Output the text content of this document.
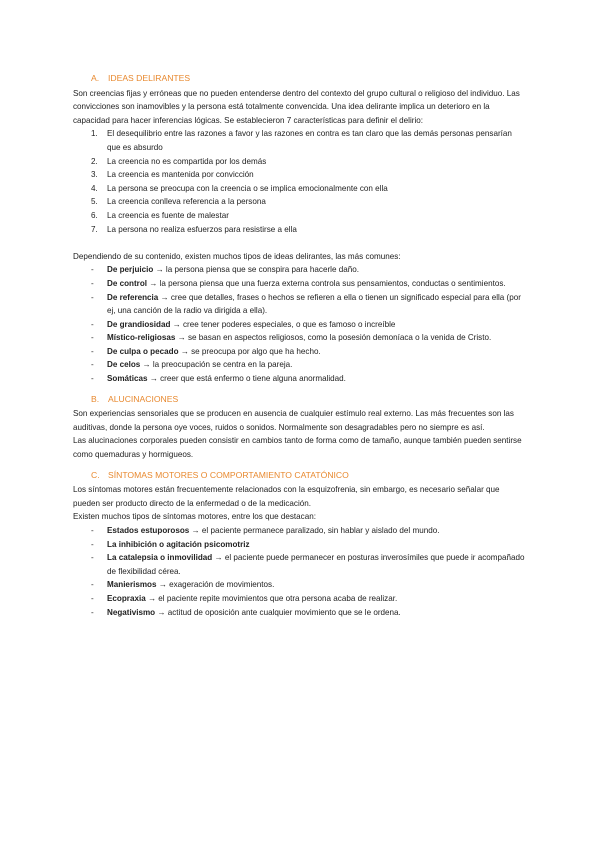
A. IDEAS DELIRANTES

Son creencias fijas y erróneas que no pueden entenderse dentro del contexto del grupo cultural o religioso del individuo. Las convicciones son inamovibles y la persona está totalmente convencida. Una idea delirante implica un deterioro en la capacidad para hacer inferencias lógicas. Se establecieron 7 características para definir el delirio:

1. El desequilibrio entre las razones a favor y las razones en contra es tan claro que las demás personas pensarían que es absurdo
2. La creencia no es compartida por los demás
3. La creencia es mantenida por convicción
4. La persona se preocupa con la creencia o se implica emocionalmente con ella
5. La creencia conlleva referencia a la persona
6. La creencia es fuente de malestar
7. La persona no realiza esfuerzos para resistirse a ella

Dependiendo de su contenido, existen muchos tipos de ideas delirantes, las más comunes:

- De perjuicio → la persona piensa que se conspira para hacerle daño.
- De control → la persona piensa que una fuerza externa controla sus pensamientos, conductas o sentimientos.
- De referencia → cree que detalles, frases o hechos se refieren a ella o tienen un significado especial para ella (por ej, una canción de la radio va dirigida a ella).
- De grandiosidad → cree tener poderes especiales, o que es famoso o increíble
- Místico-religiosas → se basan en aspectos religiosos, como la posesión demoníaca o la venida de Cristo.
- De culpa o pecado → se preocupa por algo que ha hecho.
- De celos → la preocupación se centra en la pareja.
- Somáticas → creer que está enfermo o tiene alguna anormalidad.
B. ALUCINACIONES

Son experiencias sensoriales que se producen en ausencia de cualquier estímulo real externo. Las más frecuentes son las auditivas, donde la persona oye voces, ruidos o sonidos. Normalmente son desagradables pero no siempre es así.

Las alucinaciones corporales pueden consistir en cambios tanto de forma como de tamaño, aunque también pueden sentirse como quemaduras y hormigueos.

C. SÍNTOMAS MOTORES O COMPORTAMIENTO CATATÓNICO

Los síntomas motores están frecuentemente relacionados con la esquizofrenia, sin embargo, es necesario señalar que pueden ser producto directo de la enfermedad o de la medicación.

Existen muchos tipos de síntomas motores, entre los que destacan:

- Estados estuporosos → el paciente permanece paralizado, sin hablar y aislado del mundo.
- La inhibición o agitación psicomotriz
- La catalepsia o inmovilidad → el paciente puede permanecer en posturas inverosímiles que puede ir acompañado de flexibilidad cérea.
- Manierismos → exageración de movimientos.
- Ecopraxia → el paciente repite movimientos que otra persona acaba de realizar.
- Negativismo → actitud de oposición ante cualquier movimiento que se le ordena.
